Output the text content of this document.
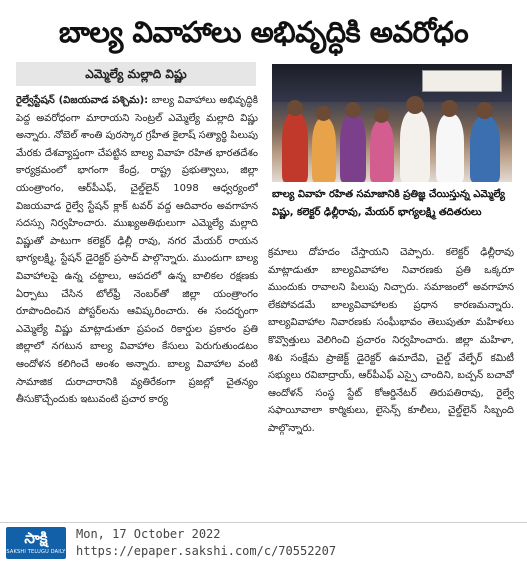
బాల్య వివాహాలు అభివృద్ధికి అవరోధం
ఎమ్మెల్యే మల్లాది విష్ణు

రైల్వేస్టేషన్ (విజయవాడ పశ్చిమ): బాల్య వివాహాలు అభివృద్ధికి పెద్ద అవరోధంగా మారాయని సెంట్రల్ ఎమ్మెల్యే మల్లాది విష్ణు అన్నారు. నోబెల్ శాంతి పురస్కార గ్రహీత కైలాష్ సత్యార్థి పిలుపు మేరకు దేశవ్యాప్తంగా చేపట్టిన బాల్య వివాహ రహిత భారతదేశం కార్యక్రమంలో భాగంగా కేంద్ర, రాష్ట్ర ప్రభుత్వాలు, జిల్లా యంత్రాంగం, ఆర్‌పీఎఫ్, చైల్డ్‌లైన్ 1098 ఆధ్వర్యంలో విజయవాడ రైల్వే స్టేషన్ క్లాక్ టవర్ వద్ద ఆదివారం అవగాహన సదస్సు నిర్వహించారు. ముఖ్యఅతిథులుగా ఎమ్మెల్యే మల్లాది విష్ణుతో పాటుగా కలెక్టర్ ఢిల్లీ రావు, నగర మేయర్ రాయన భాగ్యలక్ష్మి, స్టేషన్ డైరెక్టర్ ప్రసాద్ పాల్గొన్నారు. ముందుగా బాల్య వివాహాలపై ఉన్న చట్టాలు, ఆపదలో ఉన్న బాలికల రక్షణకు ఏర్పాటు చేసిన టోల్‌ఫ్రీ నెంబర్‌తో జిల్లా యంత్రాంగం రూపొందించిన పోస్టర్‌లను ఆవిష్కరించారు. ఈ సందర్భంగా ఎమ్మెల్యే విష్ణు మాట్లాడుతూ ప్రపంచ రికార్డుల ప్రకారం ప్రతి జిల్లాలో నగటున బాల్య వివాహాల కేసులు పెరుగుతుండటం ఆందోళన కలిగించే అంశం అన్నారు. బాల్య వివాహాల వంటి సామాజిక దురాచారానికి వ్యతిరేకంగా ప్రజల్లో చైతన్యం తీసుకొచ్చేందుకు ఇటువంటి ప్రచార కార్య

బాల్య వివాహ రహిత సమాజానికి ప్రతిజ్ఞ చేయిస్తున్న ఎమ్మెల్యే విష్ణు, కలెక్టర్ ఢిల్లీరావు, మేయర్ భాగ్యలక్ష్మి తదితరులు

క్రమాలు దోహదం చేస్తాయని చెప్పారు. కలెక్టర్ ఢిల్లీరావు మాట్లాడుతూ బాల్యవివాహాల నివారణకు ప్రతి ఒక్కరూ ముందుకు రావాలని పిలుపు నిచ్చారు. సమాజంలో అవగాహన లేకపోవడమే బాల్యవివాహాలకు ప్రధాన కారణమన్నారు. బాల్యవివాహాల నివారణకు సంఘీభావం తెలుపుతూ మహిళలు కొవ్వొత్తులు వెలిగించి ప్రచారం నిర్వహించారు. జిల్లా మహిళా, శిశు సంక్షేమ ప్రాజెక్ట్ డైరెక్టర్ ఉమాదేవి, చైల్డ్ వేల్ఫేర్ కమిటీ సభ్యులు రవిబాద్రాయ్, ఆర్‌పీఎఫ్ ఎస్పై చాందిని, బచ్పన్ బచావో ఆందోళన్ సంస్థ స్టేట్ కోఆర్డినేటర్ తిరుపతిరావు, రైల్వే సఫాయీవాలా కార్మికులు, లైసెన్స్ కూలీలు, చైల్డ్‌లైన్ సిబ్బంది పాల్గొన్నారు.

సాక్షి
SAKSHI TELUGU DAILY
Mon, 17 October 2022
https://epaper.sakshi.com/c/70552207
